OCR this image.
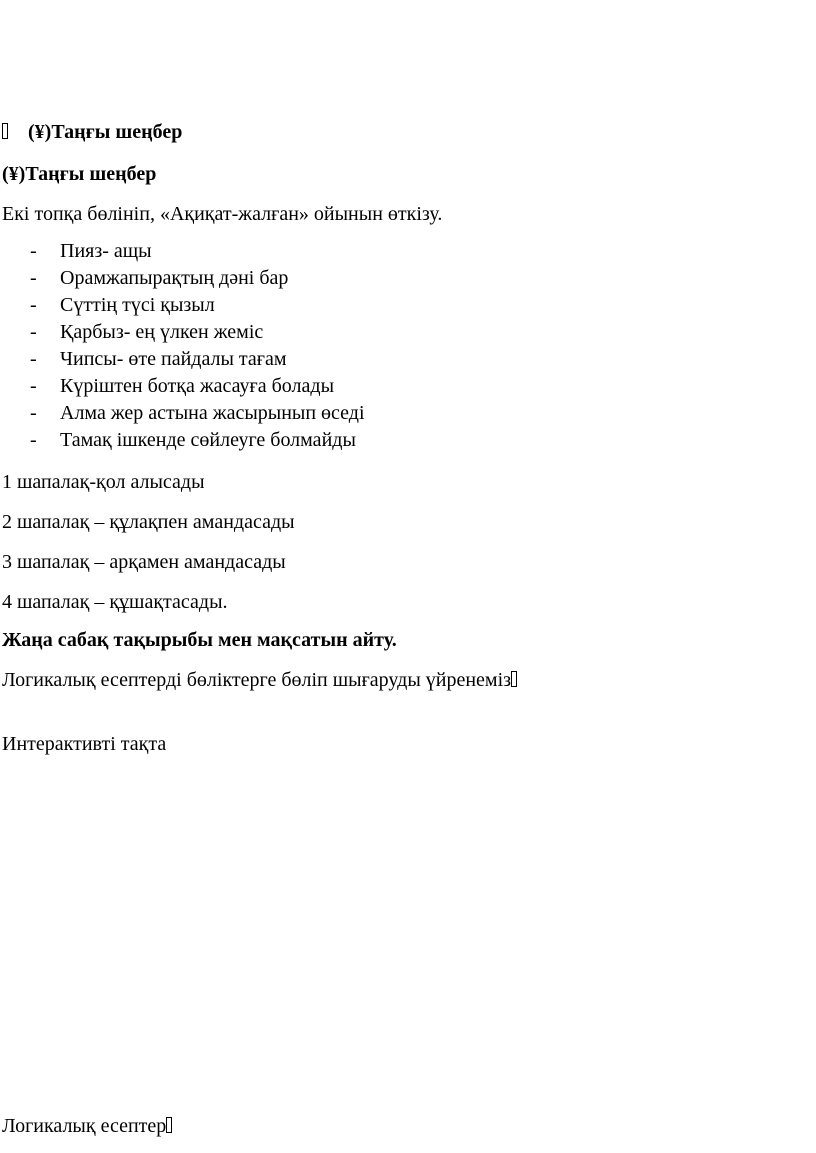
(¥)Таңғы шеңбер
(¥)Таңғы шеңбер
Екі топқа бөлініп, «Ақиқат-жалған» ойынын өткізу.
- Пияз- ащы
- Орамжапырақтың дәні бар
- Сүттің түсі қызыл
- Қарбыз- ең үлкен жеміс
- Чипсы- өте пайдалы тағам
- Күріштен ботқа жасауға болады
- Алма жер астына жасырынып өседі
- Тамақ ішкенде сөйлеуге болмайды
1 шапалақ-қол алысады
2 шапалақ – құлақпен амандасады
3 шапалақ – арқамен амандасады
4 шапалақ – құшақтасады.
Жаңа сабақ тақырыбы мен мақсатын айту.
Логикалық есептерді бөліктерге бөліп шығаруды үйренеміз
Интерактивті тақта
Логикалық есептер
